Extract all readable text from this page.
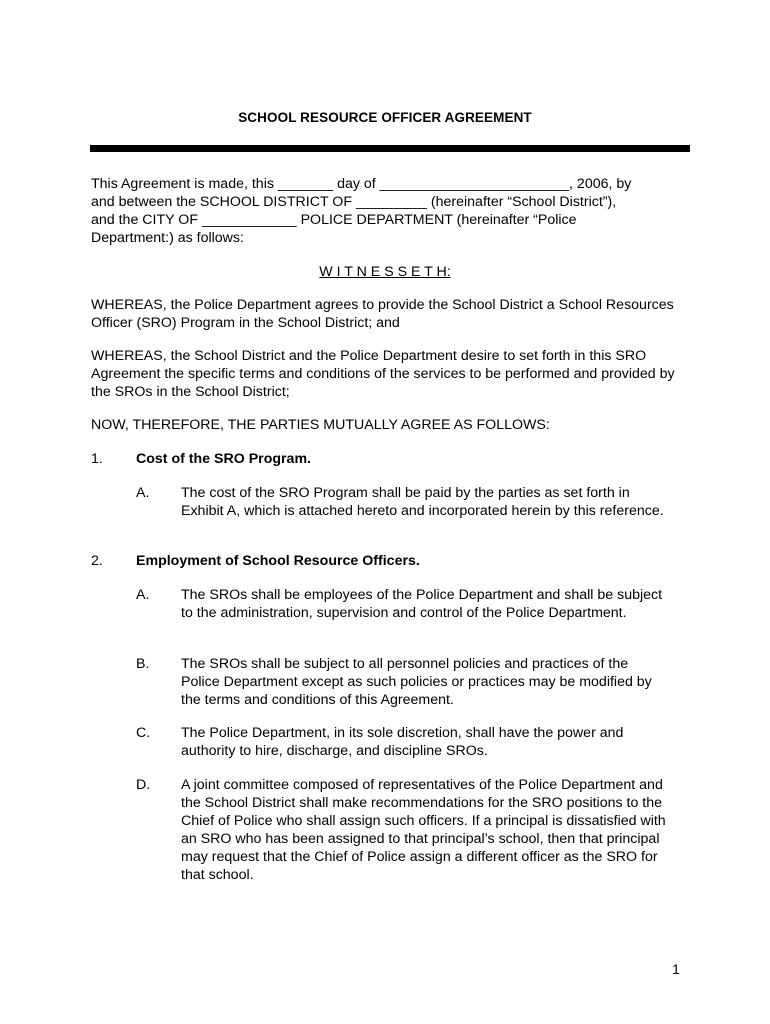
SCHOOL RESOURCE OFFICER AGREEMENT

This Agreement is made, this _______ day of ________________________, 2006, by
and between the SCHOOL DISTRICT OF _________ (hereinafter “School District”),
and the CITY OF ____________ POLICE DEPARTMENT (hereinafter “Police
Department:) as follows:

W I T N E S S E T H:

WHEREAS, the Police Department agrees to provide the School District a School Resources Officer (SRO) Program in the School District; and

WHEREAS, the School District and the Police Department desire to set forth in this SRO Agreement the specific terms and conditions of the services to be performed and provided by the SROs in the School District;

NOW, THEREFORE, THE PARTIES MUTUALLY AGREE AS FOLLOWS:

1. Cost of the SRO Program.
A. The cost of the SRO Program shall be paid by the parties as set forth in Exhibit A, which is attached hereto and incorporated herein by this reference.

2. Employment of School Resource Officers.
A. The SROs shall be employees of the Police Department and shall be subject to the administration, supervision and control of the Police Department.

B. The SROs shall be subject to all personnel policies and practices of the Police Department except as such policies or practices may be modified by the terms and conditions of this Agreement.

C. The Police Department, in its sole discretion, shall have the power and authority to hire, discharge, and discipline SROs.

D. A joint committee composed of representatives of the Police Department and the School District shall make recommendations for the SRO positions to the Chief of Police who shall assign such officers. If a principal is dissatisfied with an SRO who has been assigned to that principal’s school, then that principal may request that the Chief of Police assign a different officer as the SRO for that school.

1
